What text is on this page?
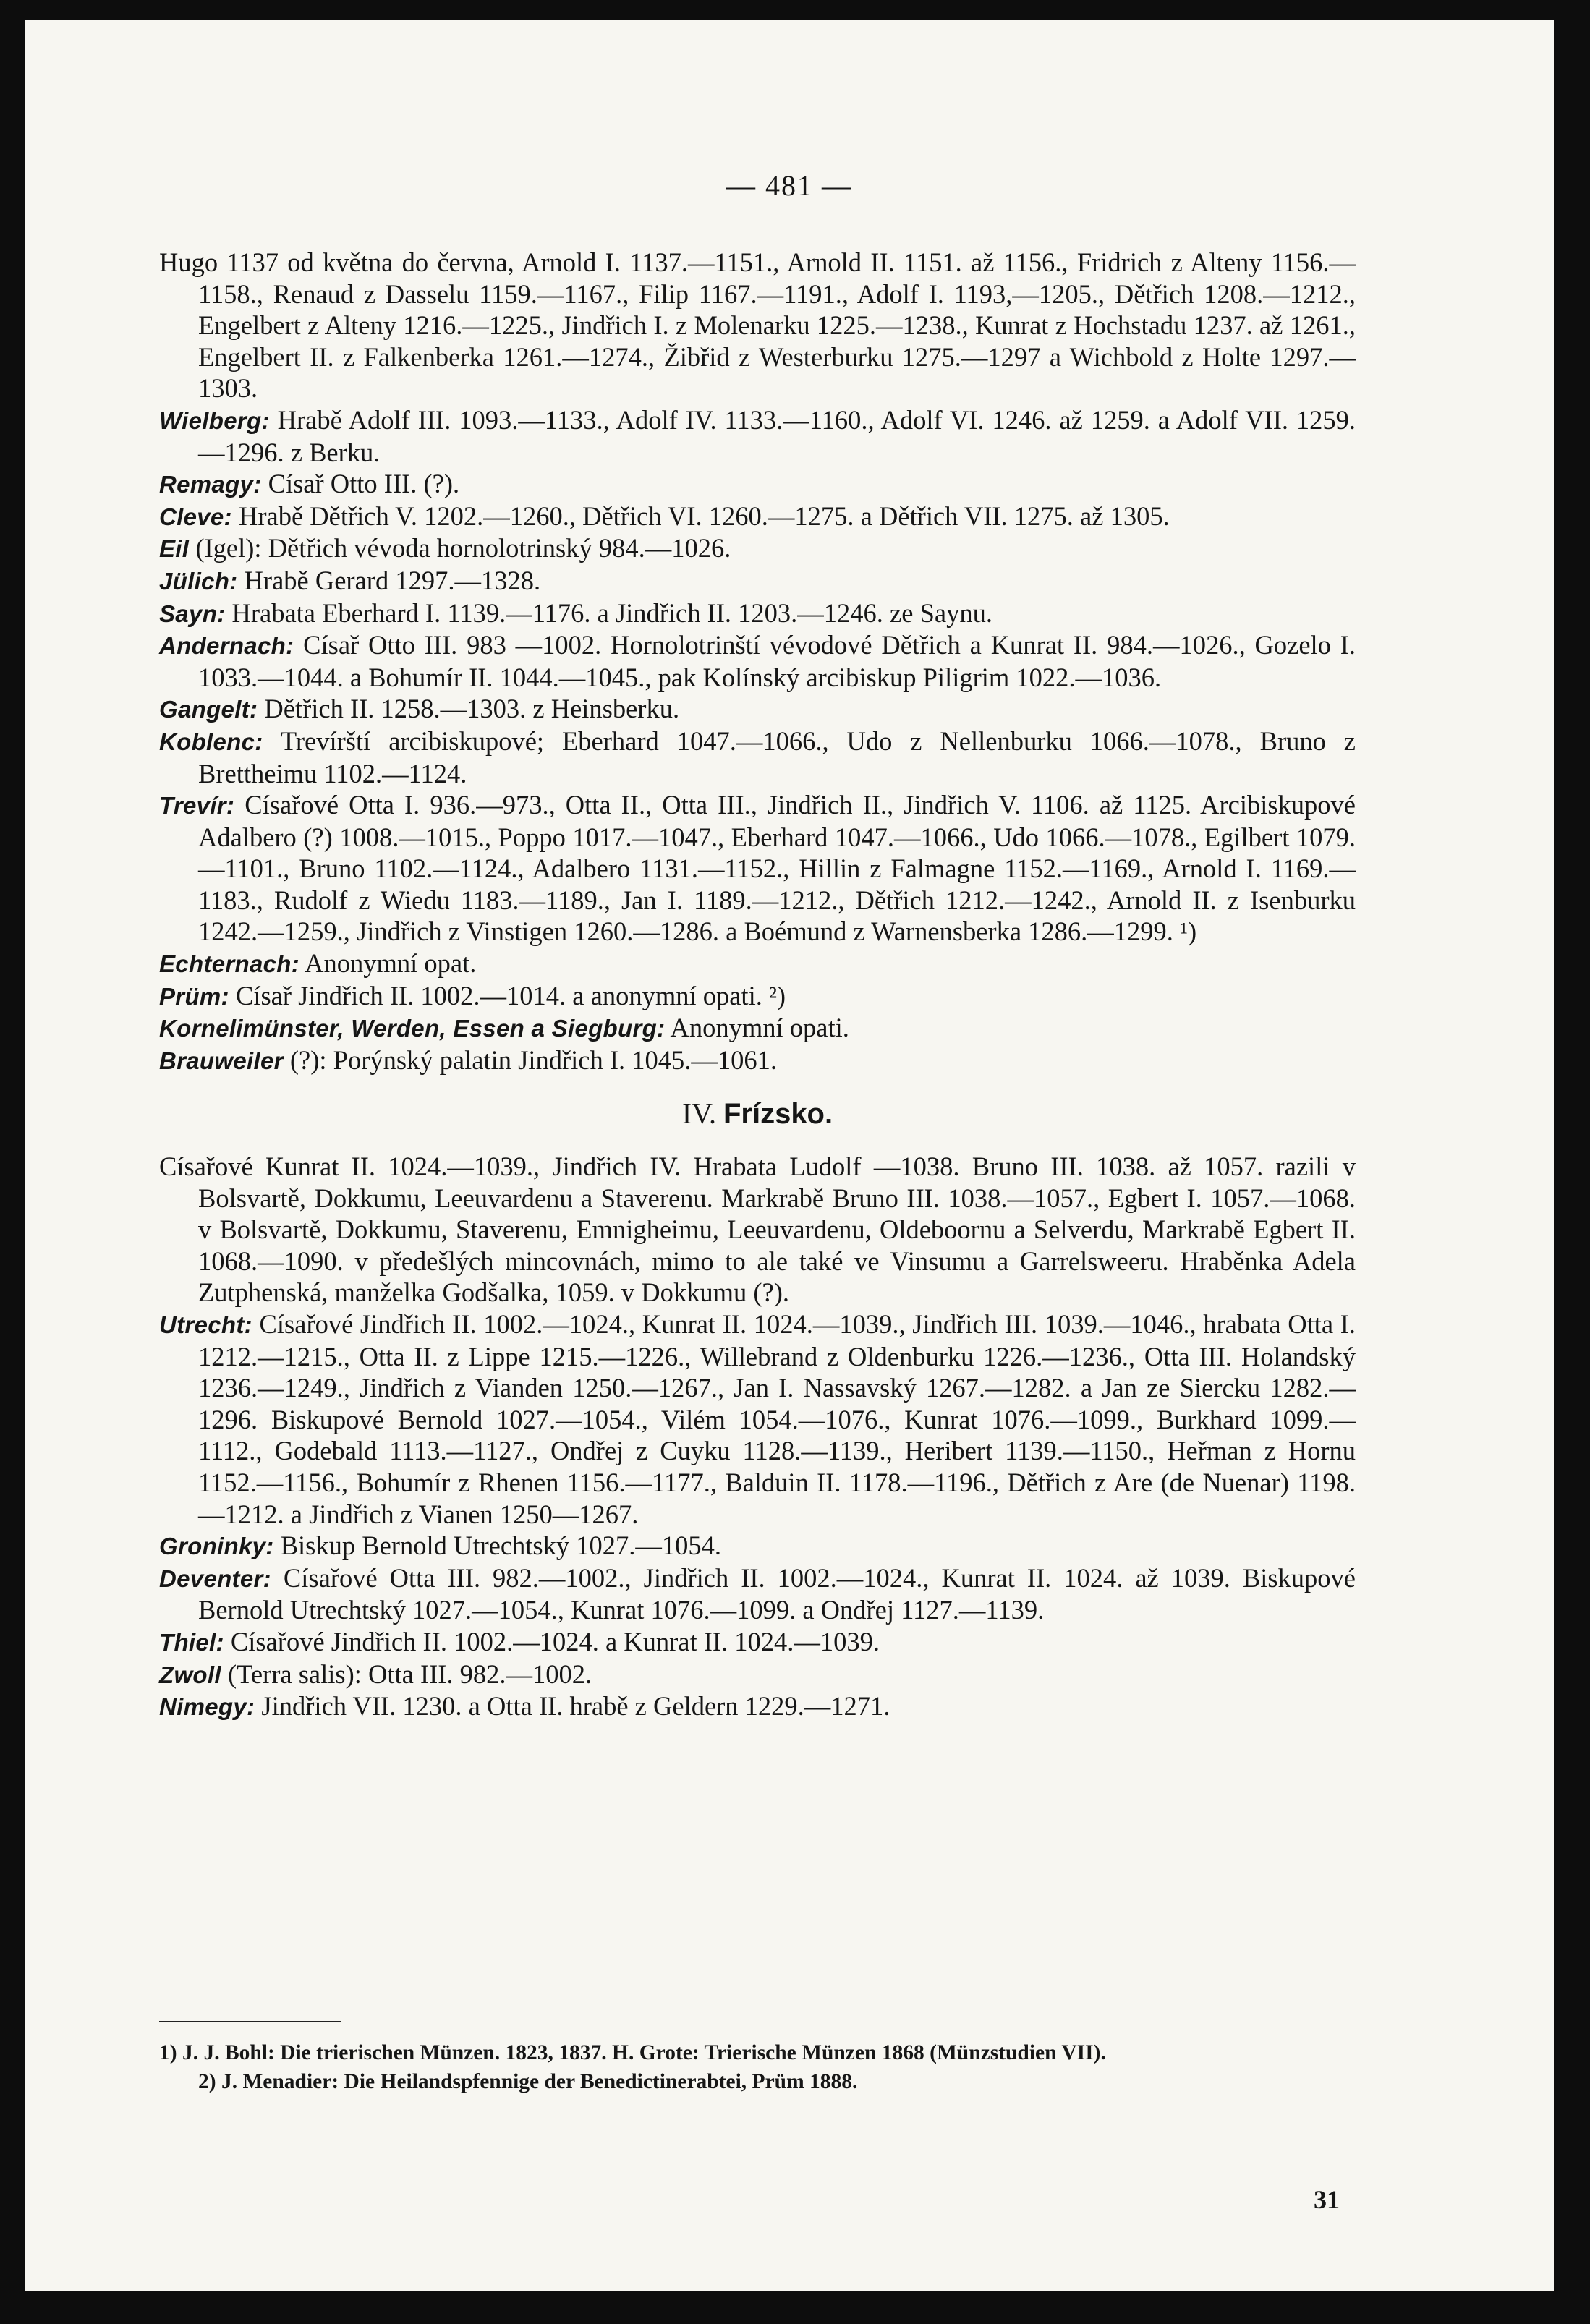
— 481 —

Hugo 1137 od května do června, Arnold I. 1137.—1151., Arnold II. 1151. až 1156., Fridrich z Alteny 1156.—1158., Renaud z Dasselu 1159.—1167., Filip 1167.—1191., Adolf I. 1193,—1205., Dětřich 1208.—1212., Engelbert z Alteny 1216.—1225., Jindřich I. z Molenarku 1225.—1238., Kunrat z Hochstadu 1237. až 1261., Engelbert II. z Falkenberka 1261.—1274., Žibřid z Westerburku 1275.—1297 a Wichbold z Holte 1297.—1303.

Wielberg: Hrabě Adolf III. 1093.—1133., Adolf IV. 1133.—1160., Adolf VI. 1246. až 1259. a Adolf VII. 1259.—1296. z Berku.

Remagy: Císař Otto III. (?).

Cleve: Hrabě Dětřich V. 1202.—1260., Dětřich VI. 1260.—1275. a Dětřich VII. 1275. až 1305.

Eil (Igel): Dětřich vévoda hornolotrinský 984.—1026.

Jülich: Hrabě Gerard 1297.—1328.

Sayn: Hrabata Eberhard I. 1139.—1176. a Jindřich II. 1203.—1246. ze Saynu.

Andernach: Císař Otto III. 983 —1002. Hornolotrinští vévodové Dětřich a Kunrat II. 984.—1026., Gozelo I. 1033.—1044. a Bohumír II. 1044.—1045., pak Kolínský arcibiskup Piligrim 1022.—1036.

Gangelt: Dětřich II. 1258.—1303. z Heinsberku.

Koblenc: Trevírští arcibiskupové; Eberhard 1047.—1066., Udo z Nellenburku 1066.—1078., Bruno z Brettheimu 1102.—1124.

Trevír: Císařové Otta I. 936.—973., Otta II., Otta III., Jindřich II., Jindřich V. 1106. až 1125. Arcibiskupové Adalbero (?) 1008.—1015., Poppo 1017.—1047., Eberhard 1047.—1066., Udo 1066.—1078., Egilbert 1079.—1101., Bruno 1102.—1124., Adalbero 1131.—1152., Hillin z Falmagne 1152.—1169., Arnold I. 1169.—1183., Rudolf z Wiedu 1183.—1189., Jan I. 1189.—1212., Dětřich 1212.—1242., Arnold II. z Isenburku 1242.—1259., Jindřich z Vinstigen 1260.—1286. a Boémund z Warnensberka 1286.—1299. ¹)

Echternach: Anonymní opat.

Prüm: Císař Jindřich II. 1002.—1014. a anonymní opati. ²)

Kornelimünster, Werden, Essen a Siegburg: Anonymní opati.

Brauweiler (?): Porýnský palatin Jindřich I. 1045.—1061.

IV. Frízsko.

Císařové Kunrat II. 1024.—1039., Jindřich IV. Hrabata Ludolf —1038. Bruno III. 1038. až 1057. razili v Bolsvartě, Dokkumu, Leeuvardenu a Staverenu. Markrabě Bruno III. 1038.—1057., Egbert I. 1057.—1068. v Bolsvartě, Dokkumu, Staverenu, Emnigheimu, Leeuvardenu, Oldeboornu a Selverdu, Markrabě Egbert II. 1068.—1090. v předešlých mincovnách, mimo to ale také ve Vinsumu a Garrelsweeru. Hraběnka Adela Zutphenská, manželka Godšalka, 1059. v Dokkumu (?).

Utrecht: Císařové Jindřich II. 1002.—1024., Kunrat II. 1024.—1039., Jindřich III. 1039.—1046., hrabata Otta I. 1212.—1215., Otta II. z Lippe 1215.—1226., Willebrand z Oldenburku 1226.—1236., Otta III. Holandský 1236.—1249., Jindřich z Vianden 1250.—1267., Jan I. Nassavský 1267.—1282. a Jan ze Siercku 1282.—1296. Biskupové Bernold 1027.—1054., Vilém 1054.—1076., Kunrat 1076.—1099., Burkhard 1099.—1112., Godebald 1113.—1127., Ondřej z Cuyku 1128.—1139., Heribert 1139.—1150., Heřman z Hornu 1152.—1156., Bohumír z Rhenen 1156.—1177., Balduin II. 1178.—1196., Dětřich z Are (de Nuenar) 1198.—1212. a Jindřich z Vianen 1250—1267.

Groninky: Biskup Bernold Utrechtský 1027.—1054.

Deventer: Císařové Otta III. 982.—1002., Jindřich II. 1002.—1024., Kunrat II. 1024. až 1039. Biskupové Bernold Utrechtský 1027.—1054., Kunrat 1076.—1099. a Ondřej 1127.—1139.

Thiel: Císařové Jindřich II. 1002.—1024. a Kunrat II. 1024.—1039.

Zwoll (Terra salis): Otta III. 982.—1002.

Nimegy: Jindřich VII. 1230. a Otta II. hrabě z Geldern 1229.—1271.

1) J. J. Bohl: Die trierischen Münzen. 1823, 1837. H. Grote: Trierische Münzen 1868 (Münzstudien VII).

2) J. Menadier: Die Heilandspfennige der Benedictinerabtei, Prüm 1888.

31
